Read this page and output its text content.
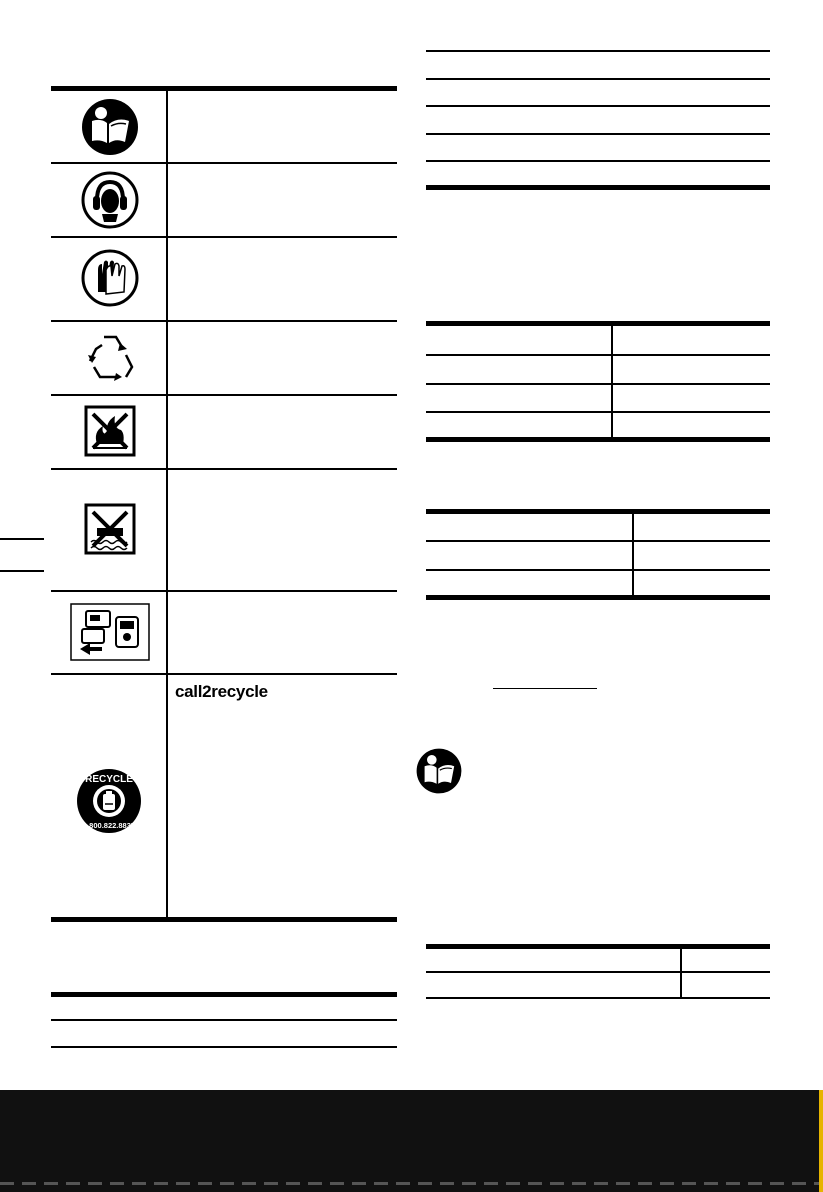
RECYCLE
1.800.822.8837
call2recycle
